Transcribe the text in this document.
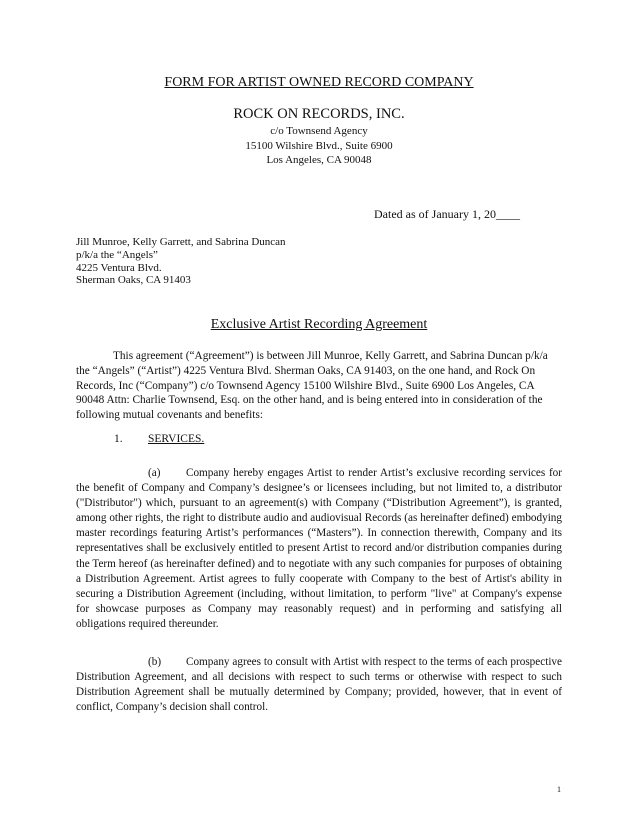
FORM FOR ARTIST OWNED RECORD COMPANY
ROCK ON RECORDS, INC.
c/o Townsend Agency
15100 Wilshire Blvd., Suite 6900
Los Angeles, CA 90048
Dated as of January 1, 20____
Jill Munroe, Kelly Garrett, and Sabrina Duncan
p/k/a the “Angels”
4225 Ventura Blvd.
Sherman Oaks, CA 91403
Exclusive Artist Recording Agreement
This agreement (“Agreement”) is between Jill Munroe, Kelly Garrett, and Sabrina Duncan p/k/a the “Angels” (“Artist”) 4225 Ventura Blvd. Sherman Oaks, CA 91403, on the one hand, and Rock On Records, Inc (“Company”) c/o Townsend Agency 15100 Wilshire Blvd., Suite 6900 Los Angeles, CA 90048 Attn: Charlie Townsend, Esq. on the other hand, and is being entered into in consideration of the following mutual covenants and benefits:
1. SERVICES.
(a) Company hereby engages Artist to render Artist’s exclusive recording services for the benefit of Company and Company’s designee’s or licensees including, but not limited to, a distributor ("Distributor") which, pursuant to an agreement(s) with Company (“Distribution Agreement”), is granted, among other rights, the right to distribute audio and audiovisual Records (as hereinafter defined) embodying master recordings featuring Artist’s performances (“Masters”). In connection therewith, Company and its representatives shall be exclusively entitled to present Artist to record and/or distribution companies during the Term hereof (as hereinafter defined) and to negotiate with any such companies for purposes of obtaining a Distribution Agreement. Artist agrees to fully cooperate with Company to the best of Artist's ability in securing a Distribution Agreement (including, without limitation, to perform "live" at Company's expense for showcase purposes as Company may reasonably request) and in performing and satisfying all obligations required thereunder.
(b) Company agrees to consult with Artist with respect to the terms of each prospective Distribution Agreement, and all decisions with respect to such terms or otherwise with respect to such Distribution Agreement shall be mutually determined by Company; provided, however, that in event of conflict, Company’s decision shall control.
1
